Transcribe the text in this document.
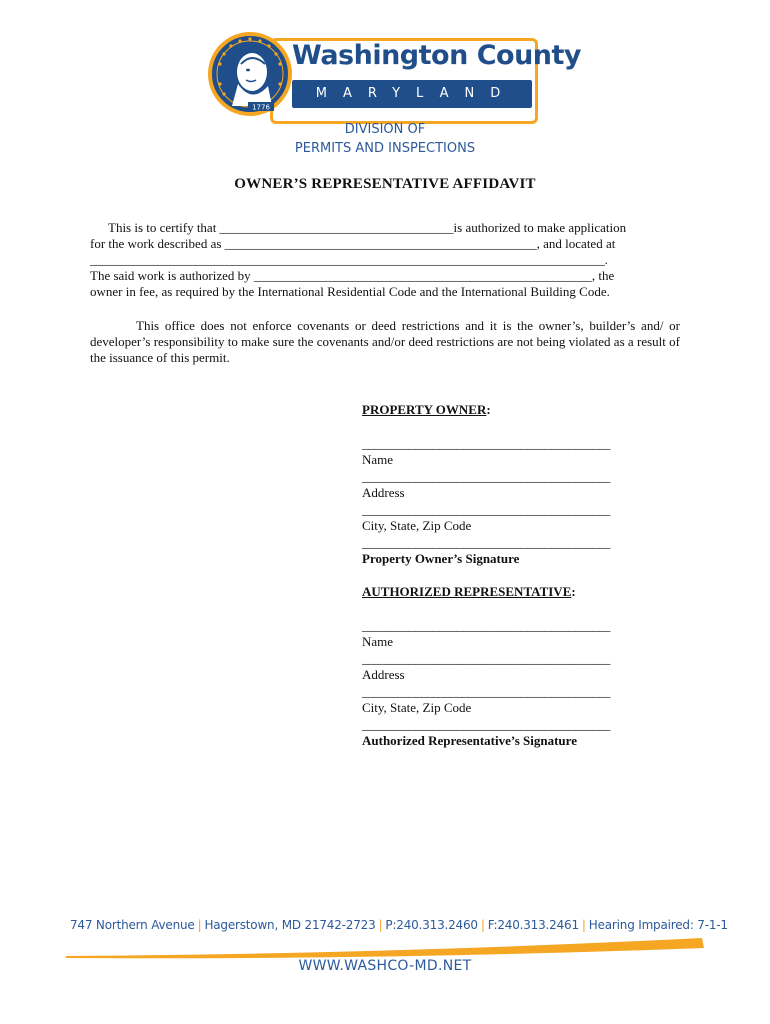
1776
Washington County
MARYLAND
DIVISION OF
PERMITS AND INSPECTIONS
OWNER’S REPRESENTATIVE AFFIDAVIT
This is to certify that ____________________________________is authorized to make application
for the work described as ________________________________________________, and located at
___________________________________________________________________________________.
The said work is authorized by ____________________________________________________, the
owner in fee, as required by the International Residential Code and the International Building Code.
This office does not enforce covenants or deed restrictions and it is the owner’s, builder’s and/ or developer’s responsibility to make sure the covenants and/or deed restrictions are not being violated as a result of the issuance of this permit.
PROPERTY OWNER:
__________________________________________
Name
__________________________________________
Address
__________________________________________
City, State, Zip Code
__________________________________________
Property Owner’s Signature
AUTHORIZED REPRESENTATIVE:
__________________________________________
Name
__________________________________________
Address
__________________________________________
City, State, Zip Code
__________________________________________
Authorized Representative’s Signature
747 Northern Avenue | Hagerstown, MD 21742-2723 | P:240.313.2460 | F:240.313.2461 | Hearing Impaired: 7-1-1
WWW.WASHCO-MD.NET
